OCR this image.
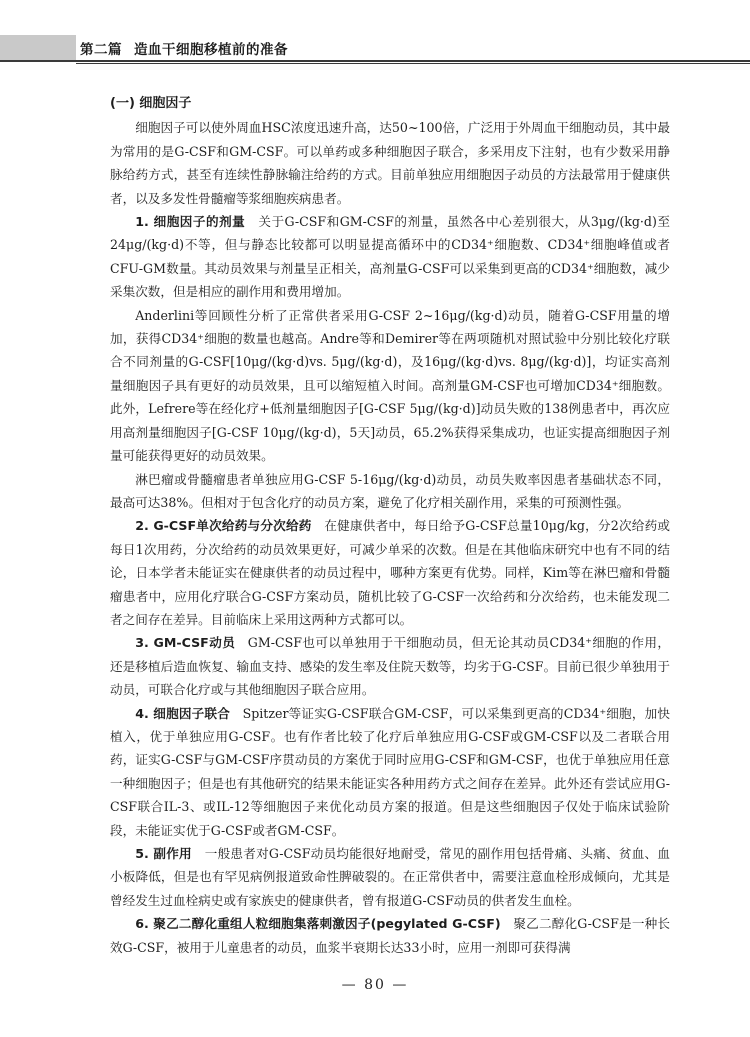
第二篇 造血干细胞移植前的准备
(一) 细胞因子

细胞因子可以使外周血HSC浓度迅速升高，达50~100倍，广泛用于外周血干细胞动员，其中最为常用的是G-CSF和GM-CSF。可以单药或多种细胞因子联合，多采用皮下注射，也有少数采用静脉给药方式，甚至有连续性静脉输注给药的方式。目前单独应用细胞因子动员的方法最常用于健康供者，以及多发性骨髓瘤等浆细胞疾病患者。

1. 细胞因子的剂量  关于G-CSF和GM-CSF的剂量，虽然各中心差别很大，从3μg/(kg·d)至24μg/(kg·d)不等，但与静态比较都可以明显提高循环中的CD34⁺细胞数、CD34⁺细胞峰值或者CFU-GM数量。其动员效果与剂量呈正相关，高剂量G-CSF可以采集到更高的CD34⁺细胞数，减少采集次数，但是相应的副作用和费用增加。

Anderlini等回顾性分析了正常供者采用G-CSF 2~16μg/(kg·d)动员，随着G-CSF用量的增加，获得CD34⁺细胞的数量也越高。Andre等和Demirer等在两项随机对照试验中分别比较化疗联合不同剂量的G-CSF[10μg/(kg·d)vs. 5μg/(kg·d)，及16μg/(kg·d)vs. 8μg/(kg·d)]，均证实高剂量细胞因子具有更好的动员效果，且可以缩短植入时间。高剂量GM-CSF也可增加CD34⁺细胞数。此外，Lefrere等在经化疗+低剂量细胞因子[G-CSF 5μg/(kg·d)]动员失败的138例患者中，再次应用高剂量细胞因子[G-CSF 10μg/(kg·d)，5天]动员，65.2%获得采集成功，也证实提高细胞因子剂量可能获得更好的动员效果。

淋巴瘤或骨髓瘤患者单独应用G-CSF 5-16μg/(kg·d)动员，动员失败率因患者基础状态不同，最高可达38%。但相对于包含化疗的动员方案，避免了化疗相关副作用，采集的可预测性强。

2. G-CSF单次给药与分次给药  在健康供者中，每日给予G-CSF总量10μg/kg，分2次给药或每日1次用药，分次给药的动员效果更好，可减少单采的次数。但是在其他临床研究中也有不同的结论，日本学者未能证实在健康供者的动员过程中，哪种方案更有优势。同样，Kim等在淋巴瘤和骨髓瘤患者中，应用化疗联合G-CSF方案动员，随机比较了G-CSF一次给药和分次给药，也未能发现二者之间存在差异。目前临床上采用这两种方式都可以。

3. GM-CSF动员  GM-CSF也可以单独用于干细胞动员，但无论其动员CD34⁺细胞的作用，还是移植后造血恢复、输血支持、感染的发生率及住院天数等，均劣于G-CSF。目前已很少单独用于动员，可联合化疗或与其他细胞因子联合应用。

4. 细胞因子联合  Spitzer等证实G-CSF联合GM-CSF，可以采集到更高的CD34⁺细胞，加快植入，优于单独应用G-CSF。也有作者比较了化疗后单独应用G-CSF或GM-CSF以及二者联合用药，证实G-CSF与GM-CSF序贯动员的方案优于同时应用G-CSF和GM-CSF，也优于单独应用任意一种细胞因子；但是也有其他研究的结果未能证实各种用药方式之间存在差异。此外还有尝试应用G-CSF联合IL-3、或IL-12等细胞因子来优化动员方案的报道。但是这些细胞因子仅处于临床试验阶段，未能证实优于G-CSF或者GM-CSF。

5. 副作用  一般患者对G-CSF动员均能很好地耐受，常见的副作用包括骨痛、头痛、贫血、血小板降低，但是也有罕见病例报道致命性脾破裂的。在正常供者中，需要注意血栓形成倾向，尤其是曾经发生过血栓病史或有家族史的健康供者，曾有报道G-CSF动员的供者发生血栓。

6. 聚乙二醇化重组人粒细胞集落刺激因子(pegylated G-CSF)  聚乙二醇化G-CSF是一种长效G-CSF，被用于儿童患者的动员，血浆半衰期长达33小时，应用一剂即可获得满

— 80 —
